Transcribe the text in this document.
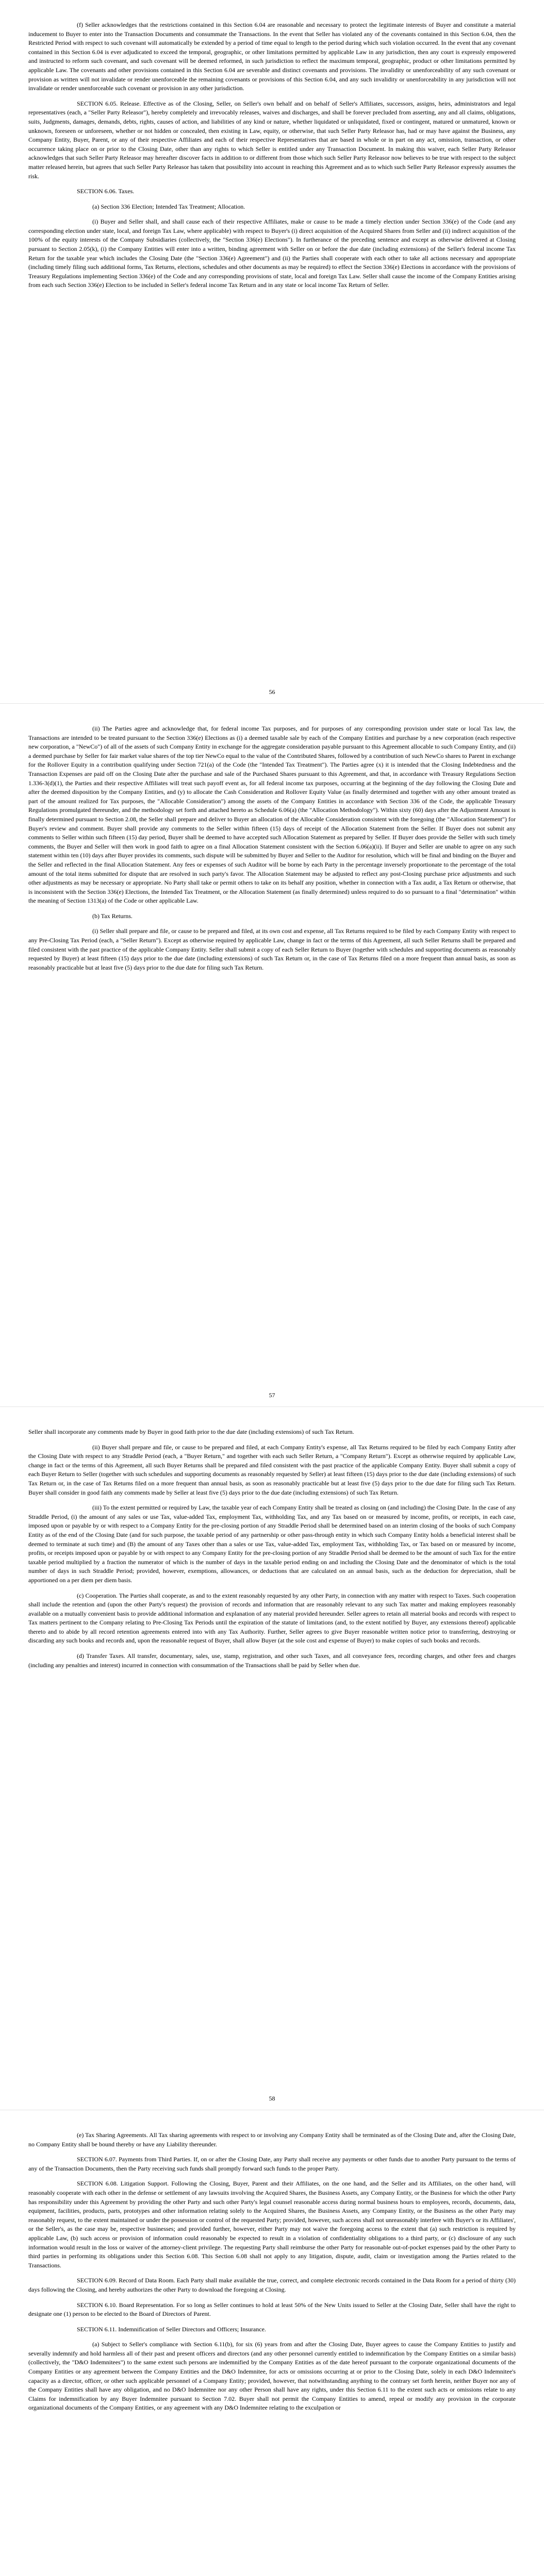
(f) Seller acknowledges that the restrictions contained in this Section 6.04 are reasonable and necessary to protect the legitimate interests of Buyer and constitute a material inducement to Buyer to enter into the Transaction Documents and consummate the Transactions. In the event that Seller has violated any of the covenants contained in this Section 6.04, then the Restricted Period with respect to such covenant will automatically be extended by a period of time equal to length to the period during which such violation occurred. In the event that any covenant contained in this Section 6.04 is ever adjudicated to exceed the temporal, geographic, or other limitations permitted by applicable Law in any jurisdiction, then any court is expressly empowered and instructed to reform such covenant, and such covenant will be deemed reformed, in such jurisdiction to reflect the maximum temporal, geographic, product or other limitations permitted by applicable Law. The covenants and other provisions contained in this Section 6.04 are severable and distinct covenants and provisions. The invalidity or unenforceability of any such covenant or provision as written will not invalidate or render unenforceable the remaining covenants or provisions of this Section 6.04, and any such invalidity or unenforceability in any jurisdiction will not invalidate or render unenforceable such covenant or provision in any other jurisdiction.

SECTION 6.05. Release. Effective as of the Closing, Seller, on Seller's own behalf and on behalf of Seller's Affiliates, successors, assigns, heirs, administrators and legal representatives (each, a "Seller Party Releasor"), hereby completely and irrevocably releases, waives and discharges, and shall be forever precluded from asserting, any and all claims, obligations, suits, Judgments, damages, demands, debts, rights, causes of action, and liabilities of any kind or nature, whether liquidated or unliquidated, fixed or contingent, matured or unmatured, known or unknown, foreseen or unforeseen, whether or not hidden or concealed, then existing in Law, equity, or otherwise, that such Seller Party Releasor has, had or may have against the Business, any Company Entity, Buyer, Parent, or any of their respective Affiliates and each of their respective Representatives that are based in whole or in part on any act, omission, transaction, or other occurrence taking place on or prior to the Closing Date, other than any rights to which Seller is entitled under any Transaction Document. In making this waiver, each Seller Party Releasor acknowledges that such Seller Party Releasor may hereafter discover facts in addition to or different from those which such Seller Party Releasor now believes to be true with respect to the subject matter released herein, but agrees that such Seller Party Releasor has taken that possibility into account in reaching this Agreement and as to which such Seller Party Releasor expressly assumes the risk.

SECTION 6.06. Taxes.

(a) Section 336 Election; Intended Tax Treatment; Allocation.

(i) Buyer and Seller shall, and shall cause each of their respective Affiliates, make or cause to be made a timely election under Section 336(e) of the Code (and any corresponding election under state, local, and foreign Tax Law, where applicable) with respect to Buyer's (i) direct acquisition of the Acquired Shares from Seller and (ii) indirect acquisition of the 100% of the equity interests of the Company Subsidiaries (collectively, the "Section 336(e) Elections"). In furtherance of the preceding sentence and except as otherwise delivered at Closing pursuant to Section 2.05(k), (i) the Company Entities will enter into a written, binding agreement with Seller on or before the due date (including extensions) of the Seller's federal income Tax Return for the taxable year which includes the Closing Date (the "Section 336(e) Agreement") and (ii) the Parties shall cooperate with each other to take all actions necessary and appropriate (including timely filing such additional forms, Tax Returns, elections, schedules and other documents as may be required) to effect the Section 336(e) Elections in accordance with the provisions of Treasury Regulations implementing Section 336(e) of the Code and any corresponding provisions of state, local and foreign Tax Law. Seller shall cause the income of the Company Entities arising from each such Section 336(e) Election to be included in Seller's federal income Tax Return and in any state or local income Tax Return of Seller.

56

(ii) The Parties agree and acknowledge that, for federal income Tax purposes, and for purposes of any corresponding provision under state or local Tax law, the Transactions are intended to be treated pursuant to the Section 336(e) Elections as (i) a deemed taxable sale by each of the Company Entities and purchase by a new corporation (each respective new corporation, a "NewCo") of all of the assets of such Company Entity in exchange for the aggregate consideration payable pursuant to this Agreement allocable to such Company Entity, and (ii) a deemed purchase by Seller for fair market value shares of the top tier NewCo equal to the value of the Contributed Shares, followed by a contribution of such NewCo shares to Parent in exchange for the Rollover Equity in a contribution qualifying under Section 721(a) of the Code (the "Intended Tax Treatment"). The Parties agree (x) it is intended that the Closing Indebtedness and the Transaction Expenses are paid off on the Closing Date after the purchase and sale of the Purchased Shares pursuant to this Agreement, and that, in accordance with Treasury Regulations Section 1.336-3(d)(1), the Parties and their respective Affiliates will treat such payoff event as, for all federal income tax purposes, occurring at the beginning of the day following the Closing Date and after the deemed disposition by the Company Entities, and (y) to allocate the Cash Consideration and Rollover Equity Value (as finally determined and together with any other amount treated as part of the amount realized for Tax purposes, the "Allocable Consideration") among the assets of the Company Entities in accordance with Section 336 of the Code, the applicable Treasury Regulations promulgated thereunder, and the methodology set forth and attached hereto as Schedule 6.06(a) (the "Allocation Methodology"). Within sixty (60) days after the Adjustment Amount is finally determined pursuant to Section 2.08, the Seller shall prepare and deliver to Buyer an allocation of the Allocable Consideration consistent with the foregoing (the "Allocation Statement") for Buyer's review and comment. Buyer shall provide any comments to the Seller within fifteen (15) days of receipt of the Allocation Statement from the Seller. If Buyer does not submit any comments to Seller within such fifteen (15) day period, Buyer shall be deemed to have accepted such Allocation Statement as prepared by Seller. If Buyer does provide the Seller with such timely comments, the Buyer and Seller will then work in good faith to agree on a final Allocation Statement consistent with the Section 6.06(a)(ii). If Buyer and Seller are unable to agree on any such statement within ten (10) days after Buyer provides its comments, such dispute will be submitted by Buyer and Seller to the Auditor for resolution, which will be final and binding on the Buyer and the Seller and reflected in the final Allocation Statement. Any fees or expenses of such Auditor will be borne by each Party in the percentage inversely proportionate to the percentage of the total amount of the total items submitted for dispute that are resolved in such party's favor. The Allocation Statement may be adjusted to reflect any post-Closing purchase price adjustments and such other adjustments as may be necessary or appropriate. No Party shall take or permit others to take on its behalf any position, whether in connection with a Tax audit, a Tax Return or otherwise, that is inconsistent with the Section 336(e) Elections, the Intended Tax Treatment, or the Allocation Statement (as finally determined) unless required to do so pursuant to a final "determination" within the meaning of Section 1313(a) of the Code or other applicable Law.

(b) Tax Returns.

(i) Seller shall prepare and file, or cause to be prepared and filed, at its own cost and expense, all Tax Returns required to be filed by each Company Entity with respect to any Pre-Closing Tax Period (each, a "Seller Return"). Except as otherwise required by applicable Law, change in fact or the terms of this Agreement, all such Seller Returns shall be prepared and filed consistent with the past practice of the applicable Company Entity. Seller shall submit a copy of each Seller Return to Buyer (together with schedules and supporting documents as reasonably requested by Buyer) at least fifteen (15) days prior to the due date (including extensions) of such Tax Return or, in the case of Tax Returns filed on a more frequent than annual basis, as soon as reasonably practicable but at least five (5) days prior to the due date for filing such Tax Return.

57

Seller shall incorporate any comments made by Buyer in good faith prior to the due date (including extensions) of such Tax Return.

(ii) Buyer shall prepare and file, or cause to be prepared and filed, at each Company Entity's expense, all Tax Returns required to be filed by each Company Entity after the Closing Date with respect to any Straddle Period (each, a "Buyer Return," and together with each such Seller Return, a "Company Return"). Except as otherwise required by applicable Law, change in fact or the terms of this Agreement, all such Buyer Returns shall be prepared and filed consistent with the past practice of the applicable Company Entity. Buyer shall submit a copy of each Buyer Return to Seller (together with such schedules and supporting documents as reasonably requested by Seller) at least fifteen (15) days prior to the due date (including extensions) of such Tax Return or, in the case of Tax Returns filed on a more frequent than annual basis, as soon as reasonably practicable but at least five (5) days prior to the due date for filing such Tax Return. Buyer shall consider in good faith any comments made by Seller at least five (5) days prior to the due date (including extensions) of such Tax Return.

(iii) To the extent permitted or required by Law, the taxable year of each Company Entity shall be treated as closing on (and including) the Closing Date. In the case of any Straddle Period, (i) the amount of any sales or use Tax, value-added Tax, employment Tax, withholding Tax, and any Tax based on or measured by income, profits, or receipts, in each case, imposed upon or payable by or with respect to a Company Entity for the pre-closing portion of any Straddle Period shall be determined based on an interim closing of the books of such Company Entity as of the end of the Closing Date (and for such purpose, the taxable period of any partnership or other pass-through entity in which such Company Entity holds a beneficial interest shall be deemed to terminate at such time) and (B) the amount of any Taxes other than a sales or use Tax, value-added Tax, employment Tax, withholding Tax, or Tax based on or measured by income, profits, or receipts imposed upon or payable by or with respect to any Company Entity for the pre-closing portion of any Straddle Period shall be deemed to be the amount of such Tax for the entire taxable period multiplied by a fraction the numerator of which is the number of days in the taxable period ending on and including the Closing Date and the denominator of which is the total number of days in such Straddle Period; provided, however, exemptions, allowances, or deductions that are calculated on an annual basis, such as the deduction for depreciation, shall be apportioned on a per diem per diem basis.

(c) Cooperation. The Parties shall cooperate, as and to the extent reasonably requested by any other Party, in connection with any matter with respect to Taxes. Such cooperation shall include the retention and (upon the other Party's request) the provision of records and information that are reasonably relevant to any such Tax matter and making employees reasonably available on a mutually convenient basis to provide additional information and explanation of any material provided hereunder. Seller agrees to retain all material books and records with respect to Tax matters pertinent to the Company relating to Pre-Closing Tax Periods until the expiration of the statute of limitations (and, to the extent notified by Buyer, any extensions thereof) applicable thereto and to abide by all record retention agreements entered into with any Tax Authority. Further, Seller agrees to give Buyer reasonable written notice prior to transferring, destroying or discarding any such books and records and, upon the reasonable request of Buyer, shall allow Buyer (at the sole cost and expense of Buyer) to make copies of such books and records.

(d) Transfer Taxes. All transfer, documentary, sales, use, stamp, registration, and other such Taxes, and all conveyance fees, recording charges, and other fees and charges (including any penalties and interest) incurred in connection with consummation of the Transactions shall be paid by Seller when due.

58

(e) Tax Sharing Agreements. All Tax sharing agreements with respect to or involving any Company Entity shall be terminated as of the Closing Date and, after the Closing Date, no Company Entity shall be bound thereby or have any Liability thereunder.

SECTION 6.07. Payments from Third Parties. If, on or after the Closing Date, any Party shall receive any payments or other funds due to another Party pursuant to the terms of any of the Transaction Documents, then the Party receiving such funds shall promptly forward such funds to the proper Party.

SECTION 6.08. Litigation Support. Following the Closing, Buyer, Parent and their Affiliates, on the one hand, and the Seller and its Affiliates, on the other hand, will reasonably cooperate with each other in the defense or settlement of any lawsuits involving the Acquired Shares, the Business Assets, any Company Entity, or the Business for which the other Party has responsibility under this Agreement by providing the other Party and such other Party's legal counsel reasonable access during normal business hours to employees, records, documents, data, equipment, facilities, products, parts, prototypes and other information relating solely to the Acquired Shares, the Business Assets, any Company Entity, or the Business as the other Party may reasonably request, to the extent maintained or under the possession or control of the requested Party; provided, however, such access shall not unreasonably interfere with Buyer's or its Affiliates', or the Seller's, as the case may be, respective businesses; and provided further, however, either Party may not waive the foregoing access to the extent that (a) such restriction is required by applicable Law, (b) such access or provision of information could reasonably be expected to result in a violation of confidentiality obligations to a third party, or (c) disclosure of any such information would result in the loss or waiver of the attorney-client privilege. The requesting Party shall reimburse the other Party for reasonable out-of-pocket expenses paid by the other Party to third parties in performing its obligations under this Section 6.08. This Section 6.08 shall not apply to any litigation, dispute, audit, claim or investigation among the Parties related to the Transactions.

SECTION 6.09. Record of Data Room. Each Party shall make available the true, correct, and complete electronic records contained in the Data Room for a period of thirty (30) days following the Closing, and hereby authorizes the other Party to download the foregoing at Closing.

SECTION 6.10. Board Representation. For so long as Seller continues to hold at least 50% of the New Units issued to Seller at the Closing Date, Seller shall have the right to designate one (1) person to be elected to the Board of Directors of Parent.

SECTION 6.11. Indemnification of Seller Directors and Officers; Insurance.

(a) Subject to Seller's compliance with Section 6.11(b), for six (6) years from and after the Closing Date, Buyer agrees to cause the Company Entities to justify and severally indemnify and hold harmless all of their past and present officers and directors (and any other personnel currently entitled to indemnification by the Company Entities on a similar basis) (collectively, the "D&O Indemnitees") to the same extent such persons are indemnified by the Company Entities as of the date hereof pursuant to the corporate organizational documents of the Company Entities or any agreement between the Company Entities and the D&O Indemnitee, for acts or omissions occurring at or prior to the Closing Date, solely in each D&O Indemnitee's capacity as a director, officer, or other such applicable personnel of a Company Entity; provided, however, that notwithstanding anything to the contrary set forth herein, neither Buyer nor any of the Company Entities shall have any obligation, and no D&O Indemnitee nor any other Person shall have any rights, under this Section 6.11 to the extent such acts or omissions relate to any Claims for indemnification by any Buyer Indemnitee pursuant to Section 7.02. Buyer shall not permit the Company Entities to amend, repeal or modify any provision in the corporate organizational documents of the Company Entities, or any agreement with any D&O Indemnitee relating to the exculpation or
